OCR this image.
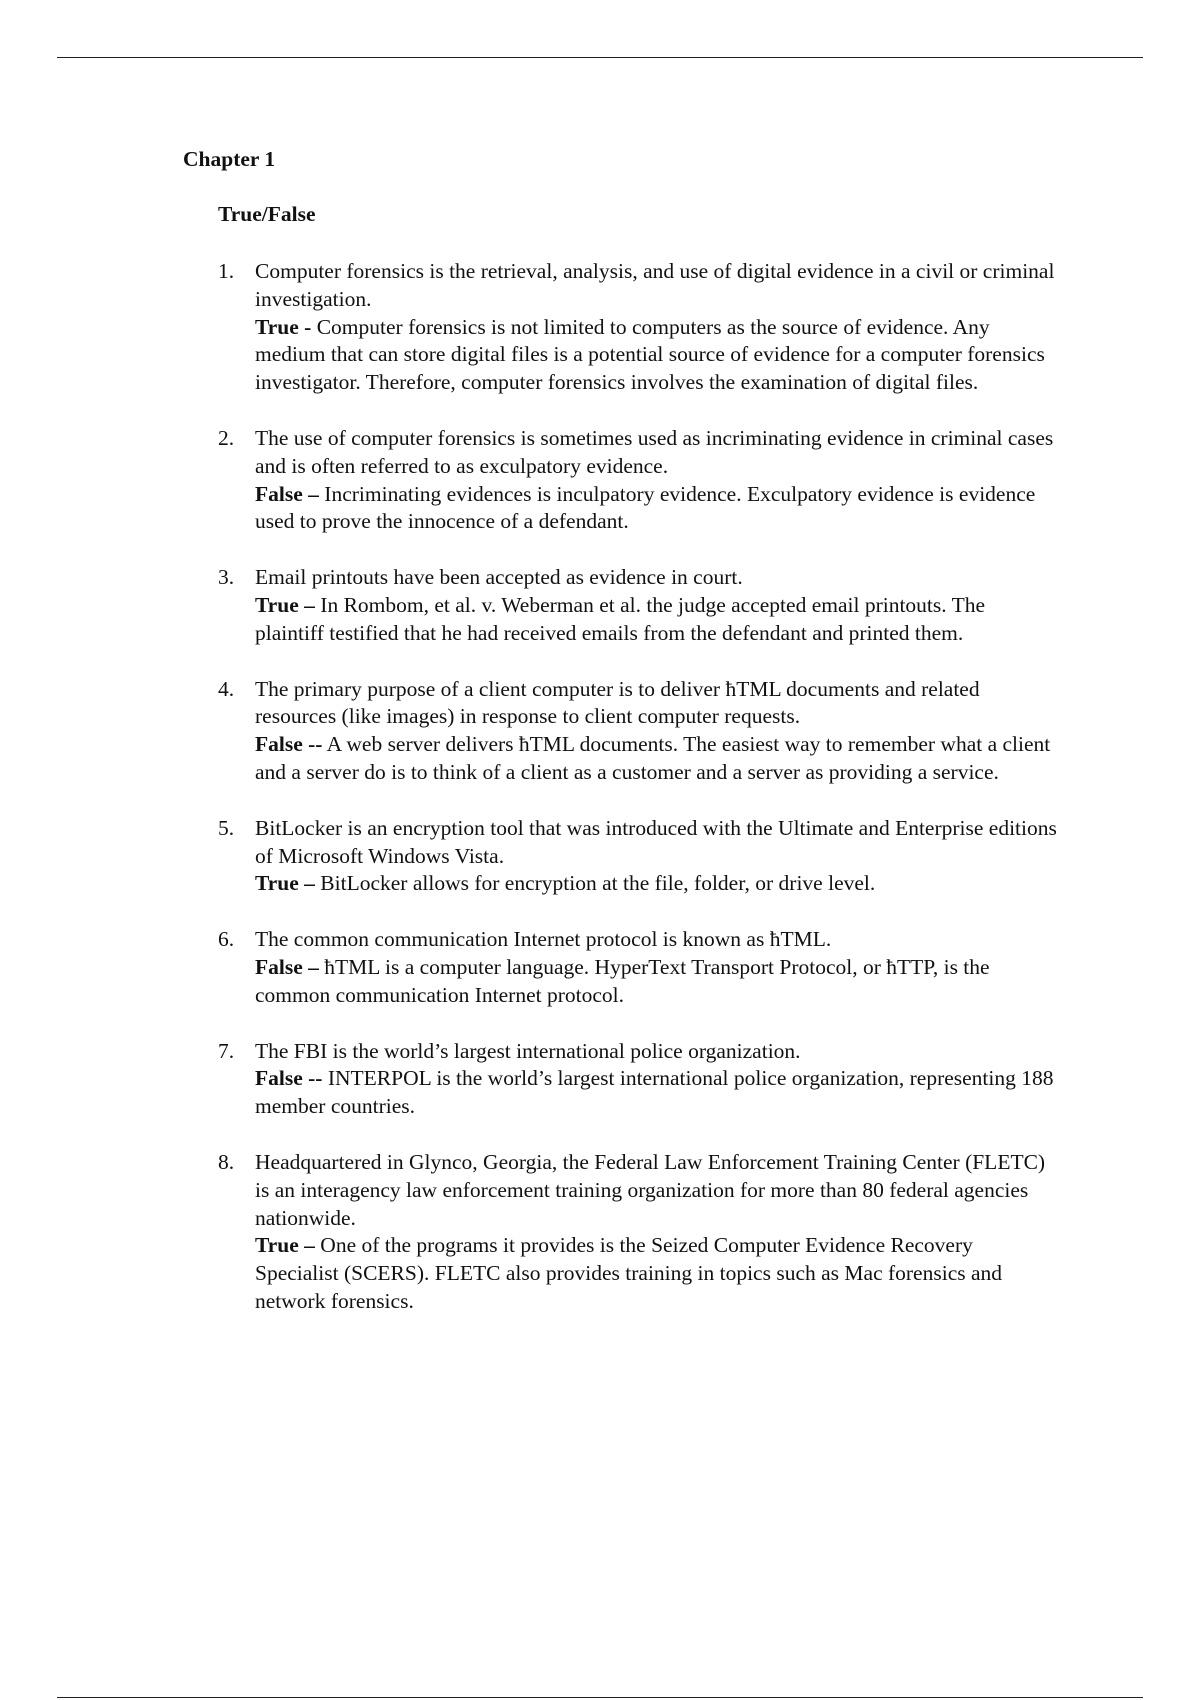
Chapter 1
True/False
1. Computer forensics is the retrieval, analysis, and use of digital evidence in a civil or criminal investigation.
True - Computer forensics is not limited to computers as the source of evidence. Any medium that can store digital files is a potential source of evidence for a computer forensics investigator. Therefore, computer forensics involves the examination of digital files.
2. The use of computer forensics is sometimes used as incriminating evidence in criminal cases and is often referred to as exculpatory evidence.
False – Incriminating evidences is inculpatory evidence. Exculpatory evidence is evidence used to prove the innocence of a defendant.
3. Email printouts have been accepted as evidence in court.
True – In Rombom, et al. v. Weberman et al. the judge accepted email printouts. The plaintiff testified that he had received emails from the defendant and printed them.
4. The primary purpose of a client computer is to deliver ħTML documents and related resources (like images) in response to client computer requests.
False -- A web server delivers ħTML documents. The easiest way to remember what a client and a server do is to think of a client as a customer and a server as providing a service.
5. BitLocker is an encryption tool that was introduced with the Ultimate and Enterprise editions of Microsoft Windows Vista.
True – BitLocker allows for encryption at the file, folder, or drive level.
6. The common communication Internet protocol is known as ħTML.
False – ħTML is a computer language. HyperText Transport Protocol, or ħTTP, is the common communication Internet protocol.
7. The FBI is the world’s largest international police organization.
False -- INTERPOL is the world’s largest international police organization, representing 188 member countries.
8. Headquartered in Glynco, Georgia, the Federal Law Enforcement Training Center (FLETC) is an interagency law enforcement training organization for more than 80 federal agencies nationwide.
True – One of the programs it provides is the Seized Computer Evidence Recovery Specialist (SCERS). FLETC also provides training in topics such as Mac forensics and network forensics.
